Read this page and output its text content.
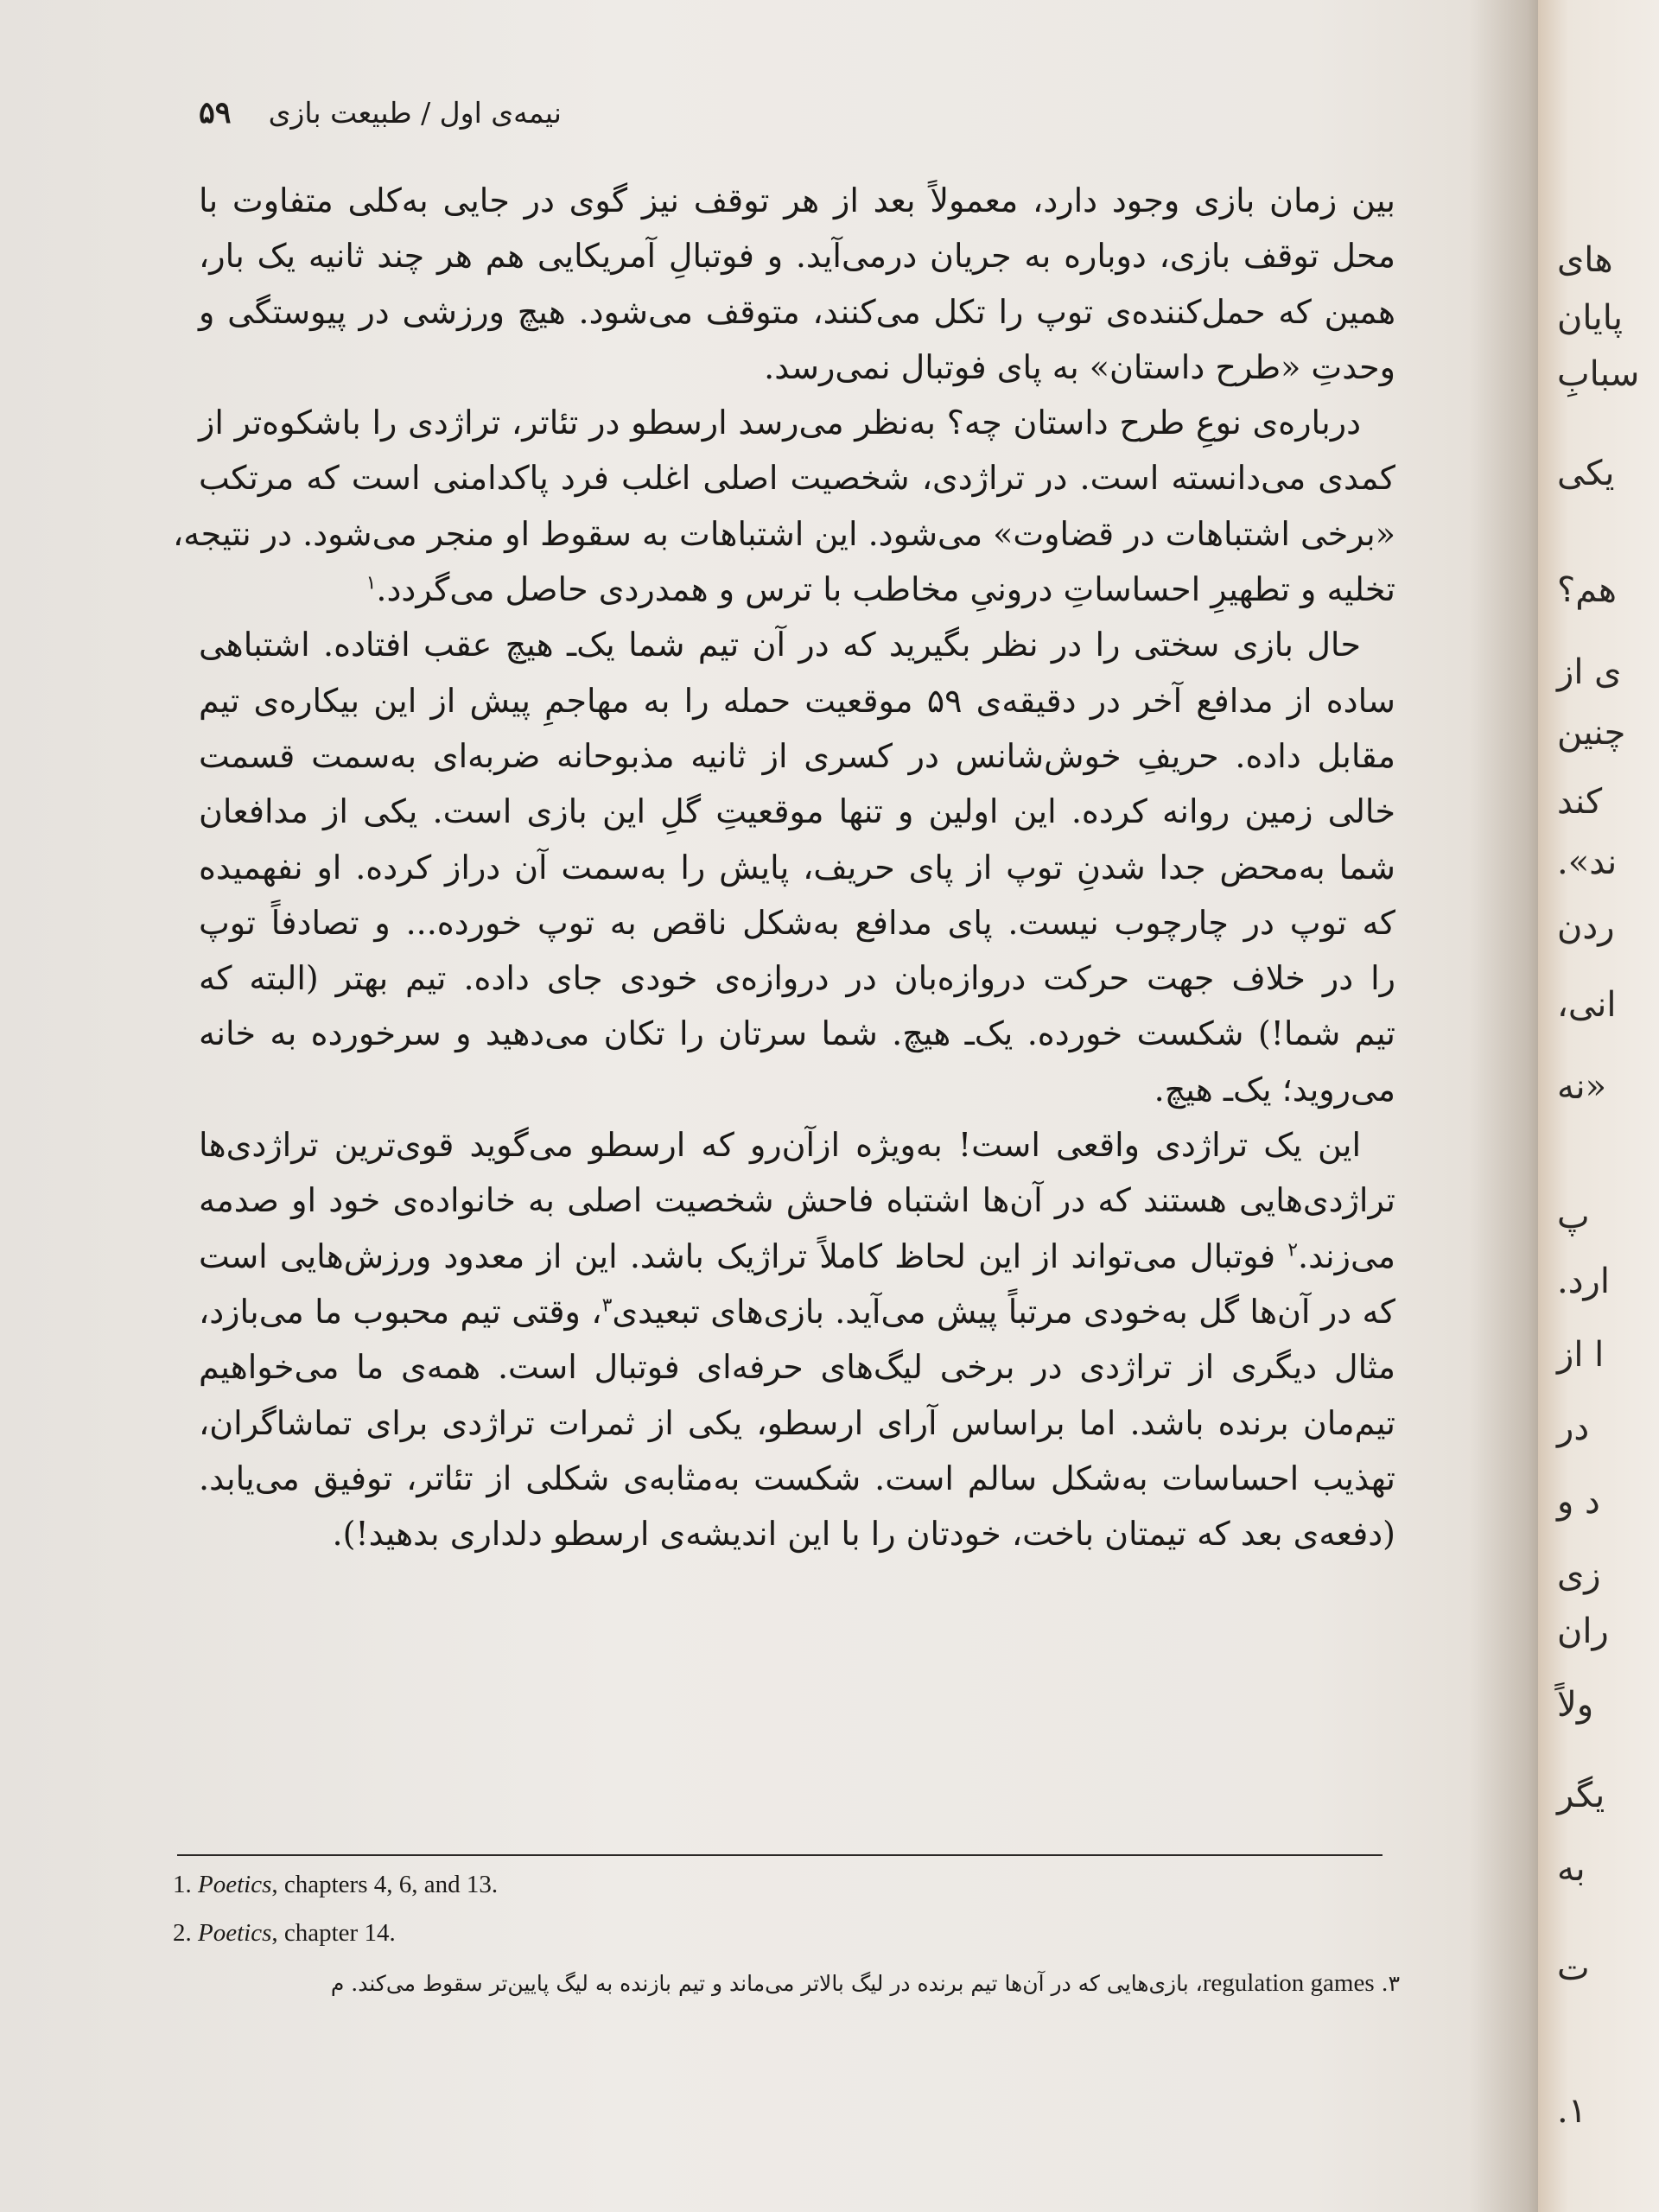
نیمه‌ی اول / طبیعت بازی
۵۹
بین زمان بازی وجود دارد، معمولاً بعد از هر توقف نیز گوی در جایی به‌کلی متفاوت با
محل توقف بازی، دوباره به جریان درمی‌آید. و فوتبالِ آمریکایی هم هر چند ثانیه یک بار،
همین که حمل‌کننده‌ی توپ را تکل می‌کنند، متوقف می‌شود. هیچ ورزشی در پیوستگی و
وحدتِ «طرح داستان» به پای فوتبال نمی‌رسد.
درباره‌ی نوعِ طرح داستان چه؟ به‌نظر می‌رسد ارسطو در تئاتر، تراژدی را باشکوه‌تر از
کمدی می‌دانسته است. در تراژدی، شخصیت اصلی اغلب فرد پاکدامنی است که مرتکب
«برخی اشتباهات در قضاوت» می‌شود. این اشتباهات به سقوط او منجر می‌شود. در نتیجه،
تخلیه و تطهیرِ احساساتِ درونیِ مخاطب با ترس و همدردی حاصل می‌گردد.$^۱$
حال بازی سختی را در نظر بگیرید که در آن تیم شما یک‌ـ هیچ عقب افتاده. اشتباهی
ساده از مدافع آخر در دقیقه‌ی ۵۹ موقعیت حمله را به مهاجمِ پیش از این بیکاره‌ی تیم
مقابل داده. حریفِ خوش‌شانس در کسری از ثانیه مذبوحانه ضربه‌ای به‌سمت قسمت
خالی زمین روانه کرده. این اولین و تنها موقعیتِ گلِ این بازی است. یکی از مدافعان
شما به‌محض جدا شدنِ توپ از پای حریف، پایش را به‌سمت آن دراز کرده. او نفهمیده
که توپ در چارچوب نیست. پای مدافع به‌شکل ناقص به توپ خورده... و تصادفاً توپ
را در خلاف جهت حرکت دروازه‌بان در دروازه‌ی خودی جای داده. تیم بهتر (البته که
تیم شما!) شکست خورده. یک‌ـ هیچ. شما سرتان را تکان می‌دهید و سرخورده به خانه
می‌روید؛ یک‌ـ هیچ.
این یک تراژدی واقعی است! به‌ویژه ازآن‌رو که ارسطو می‌گوید قوی‌ترین تراژدی‌ها
تراژدی‌هایی هستند که در آن‌ها اشتباه فاحش شخصیت اصلی به خانواده‌ی خود او صدمه
می‌زند.$^۲$ فوتبال می‌تواند از این لحاظ کاملاً تراژیک باشد. این از معدود ورزش‌هایی است
که در آن‌ها گل به‌خودی مرتباً پیش می‌آید. بازی‌های تبعیدی$^۳$، وقتی تیم محبوب ما می‌بازد،
مثال دیگری از تراژدی در برخی لیگ‌های حرفه‌ای فوتبال است. همه‌ی ما می‌خواهیم
تیم‌مان برنده باشد. اما براساس آرای ارسطو، یکی از ثمرات تراژدی برای تماشاگران،
تهذیب احساسات به‌شکل سالم است. شکست به‌مثابه‌ی شکلی از تئاتر، توفیق می‌یابد.
(دفعه‌ی بعد که تیمتان باخت، خودتان را با این اندیشه‌ی ارسطو دلداری بدهید!).
1. Poetics, chapters 4, 6, and 13.
2. Poetics, chapter 14.
۳. regulation games، بازی‌هایی که در آن‌ها تیم برنده در لیگ بالاتر می‌ماند و تیم بازنده به لیگ پایین‌تر سقوط می‌کند. م
‌های
پایان
سبابِ
یکی
هم؟
ی از
چنین
کند
ند».
ردن
انی،
«نه
پ
ارد.
ا از
در
د و
زی
ران
ولاً
یگر
به
ت
۱.
